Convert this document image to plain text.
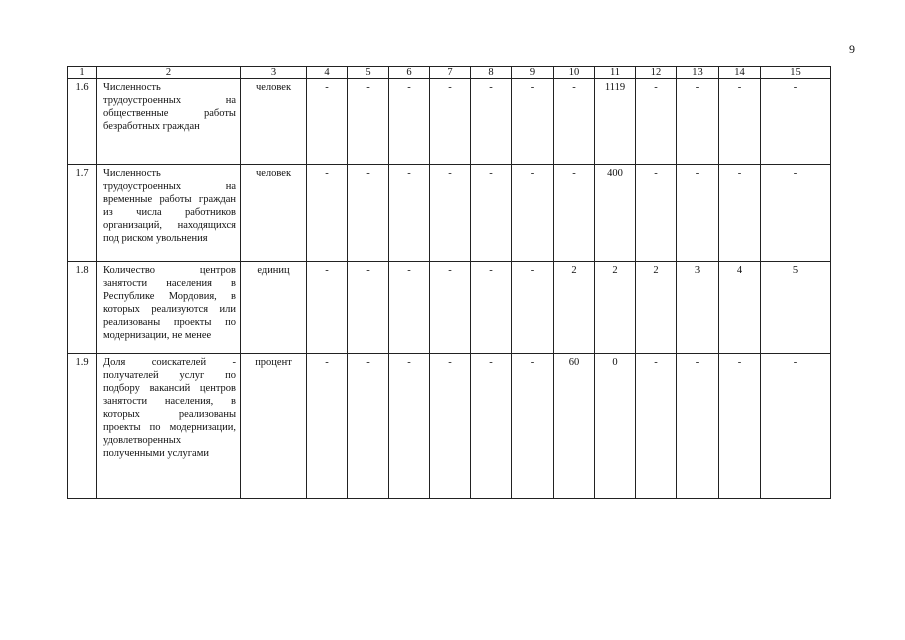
9
1	2	3	4	5	6	7	8	9	10	11	12	13	14	15
1.6	Численность трудоустроенных на общественные работы безработных граждан	человек	-	-	-	-	-	-	-	1119	-	-	-	-
1.7	Численность трудоустроенных на временные работы граждан из числа работников организаций, находящихся под риском увольнения	человек	-	-	-	-	-	-	-	400	-	-	-	-
1.8	Количество центров занятости населения в Республике Мордовия, в которых реализуются или реализованы проекты по модернизации, не менее	единиц	-	-	-	-	-	-	2	2	2	3	4	5
1.9	Доля соискателей - получателей услуг по подбору вакансий центров занятости населения, в которых реализованы проекты по модернизации, удовлетворенных полученными услугами	процент	-	-	-	-	-	-	60	0	-	-	-	-
